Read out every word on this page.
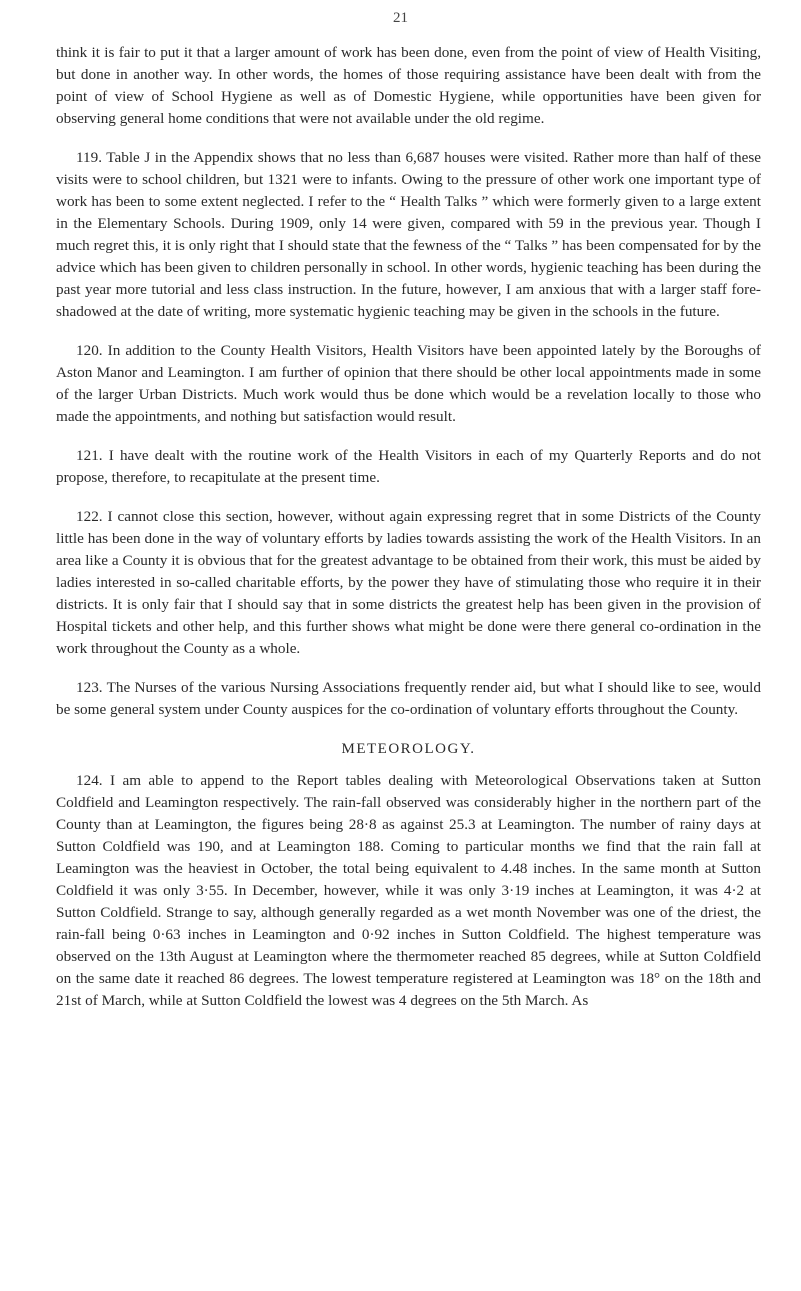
21

think it is fair to put it that a larger amount of work has been done, even from the point of view of Health Visiting, but done in another way. In other words, the homes of those requiring assistance have been dealt with from the point of view of School Hygiene as well as of Domestic Hygiene, while opportunities have been given for observing general home conditions that were not available under the old regime.

119. Table J in the Appendix shows that no less than 6,687 houses were visited. Rather more than half of these visits were to school children, but 1321 were to infants. Owing to the pressure of other work one important type of work has been to some extent neglected. I refer to the “ Health Talks ” which were formerly given to a large extent in the Elementary Schools. During 1909, only 14 were given, compared with 59 in the previous year. Though I much regret this, it is only right that I should state that the fewness of the “ Talks ” has been compensated for by the advice which has been given to children personally in school. In other words, hygienic teaching has been during the past year more tutorial and less class instruction. In the future, however, I am anxious that with a larger staff fore-shadowed at the date of writing, more systematic hygienic teaching may be given in the schools in the future.

120. In addition to the County Health Visitors, Health Visitors have been appointed lately by the Boroughs of Aston Manor and Leamington. I am further of opinion that there should be other local appointments made in some of the larger Urban Districts. Much work would thus be done which would be a revelation locally to those who made the appointments, and nothing but satisfaction would result.

121. I have dealt with the routine work of the Health Visitors in each of my Quarterly Reports and do not propose, therefore, to recapitulate at the present time.

122. I cannot close this section, however, without again expressing regret that in some Districts of the County little has been done in the way of voluntary efforts by ladies towards assisting the work of the Health Visitors. In an area like a County it is obvious that for the greatest advantage to be obtained from their work, this must be aided by ladies interested in so-called charitable efforts, by the power they have of stimulating those who require it in their districts. It is only fair that I should say that in some districts the greatest help has been given in the provision of Hospital tickets and other help, and this further shows what might be done were there general co-ordination in the work throughout the County as a whole.

123. The Nurses of the various Nursing Associations frequently render aid, but what I should like to see, would be some general system under County auspices for the co-ordination of voluntary efforts throughout the County.

METEOROLOGY.

124. I am able to append to the Report tables dealing with Meteorological Observations taken at Sutton Coldfield and Leamington respectively. The rain-fall observed was considerably higher in the northern part of the County than at Leamington, the figures being 28·8 as against 25.3 at Leamington. The number of rainy days at Sutton Coldfield was 190, and at Leamington 188. Coming to particular months we find that the rain fall at Leamington was the heaviest in October, the total being equivalent to 4.48 inches. In the same month at Sutton Coldfield it was only 3·55. In December, however, while it was only 3·19 inches at Leamington, it was 4·2 at Sutton Coldfield. Strange to say, although generally regarded as a wet month November was one of the driest, the rain-fall being 0·63 inches in Leamington and 0·92 inches in Sutton Coldfield. The highest temperature was observed on the 13th August at Leamington where the thermometer reached 85 degrees, while at Sutton Coldfield on the same date it reached 86 degrees. The lowest temperature registered at Leamington was 18° on the 18th and 21st of March, while at Sutton Coldfield the lowest was 4 degrees on the 5th March. As
